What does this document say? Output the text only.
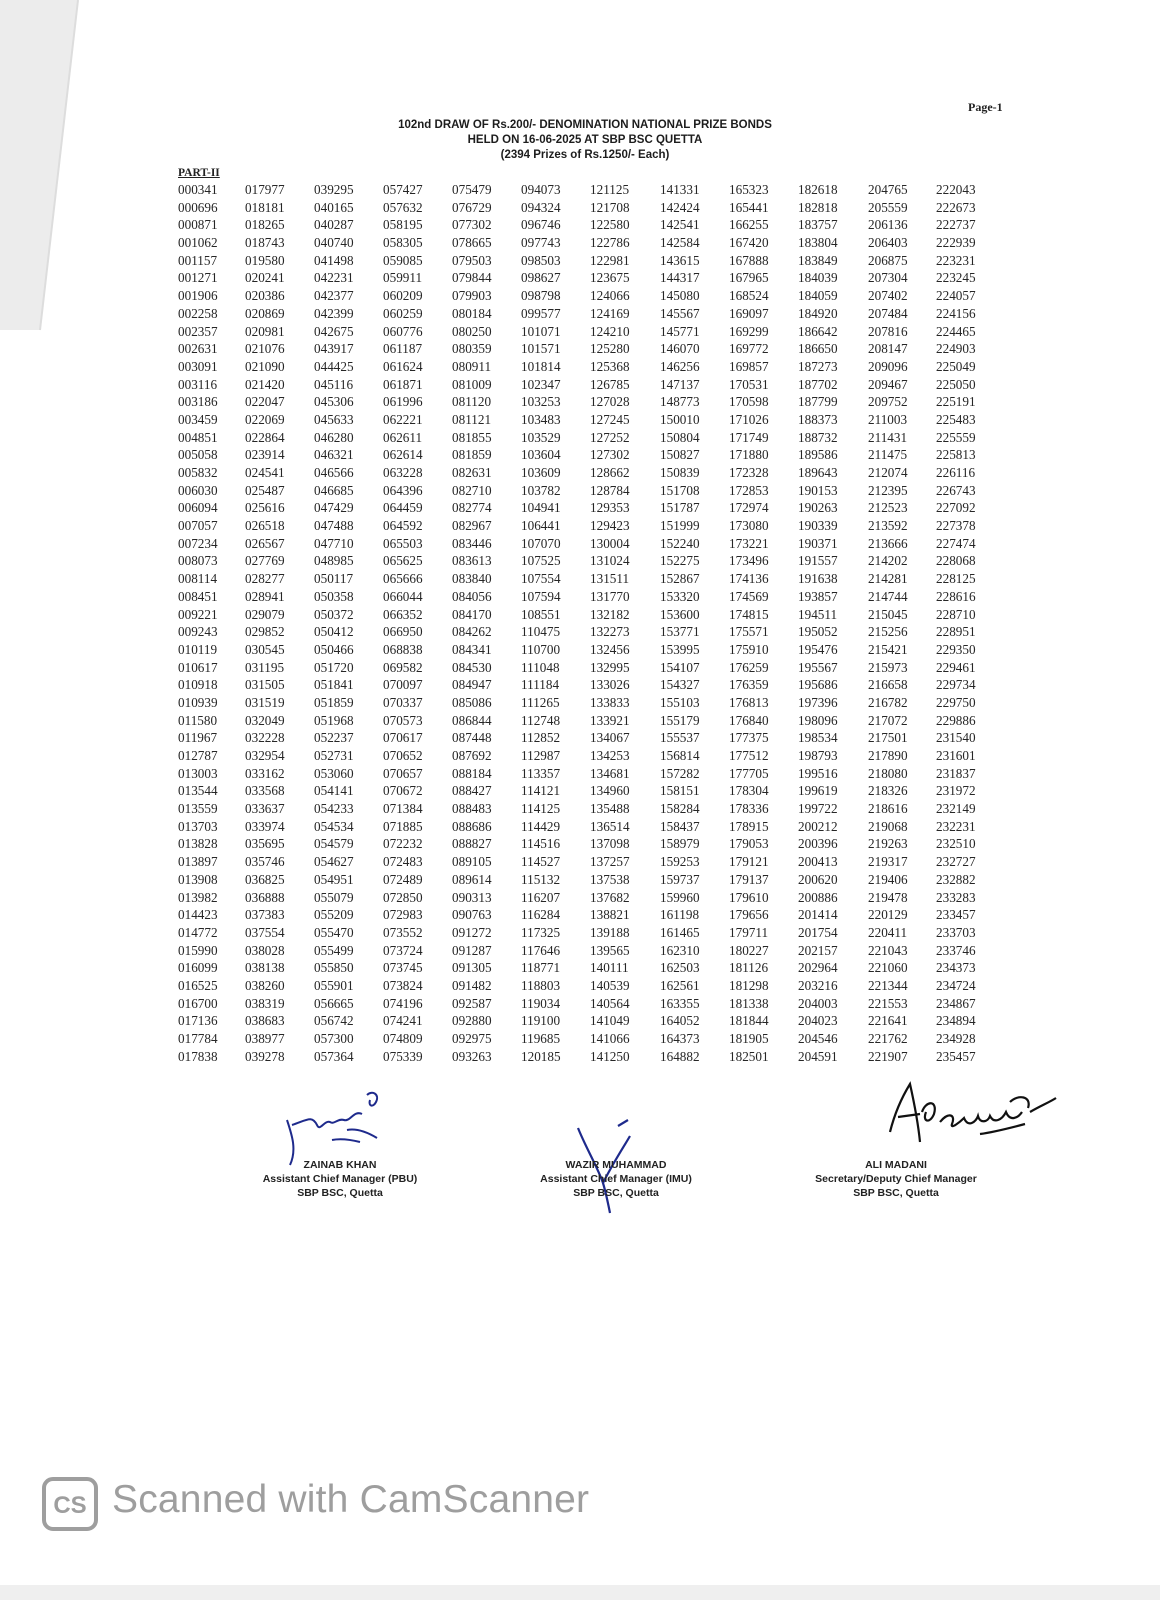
Page-1
102nd DRAW OF Rs.200/- DENOMINATION NATIONAL PRIZE BONDS
HELD ON 16-06-2025 AT SBP BSC QUETTA
(2394 Prizes of Rs.1250/- Each)
PART-II
000341
000696
000871
001062
001157
001271
001906
002258
002357
002631
003091
003116
003186
003459
004851
005058
005832
006030
006094
007057
007234
008073
008114
008451
009221
009243
010119
010617
010918
010939
011580
011967
012787
013003
013544
013559
013703
013828
013897
013908
013982
014423
014772
015990
016099
016525
016700
017136
017784
017838
017977
018181
018265
018743
019580
020241
020386
020869
020981
021076
021090
021420
022047
022069
022864
023914
024541
025487
025616
026518
026567
027769
028277
028941
029079
029852
030545
031195
031505
031519
032049
032228
032954
033162
033568
033637
033974
035695
035746
036825
036888
037383
037554
038028
038138
038260
038319
038683
038977
039278
039295
040165
040287
040740
041498
042231
042377
042399
042675
043917
044425
045116
045306
045633
046280
046321
046566
046685
047429
047488
047710
048985
050117
050358
050372
050412
050466
051720
051841
051859
051968
052237
052731
053060
054141
054233
054534
054579
054627
054951
055079
055209
055470
055499
055850
055901
056665
056742
057300
057364
057427
057632
058195
058305
059085
059911
060209
060259
060776
061187
061624
061871
061996
062221
062611
062614
063228
064396
064459
064592
065503
065625
065666
066044
066352
066950
068838
069582
070097
070337
070573
070617
070652
070657
070672
071384
071885
072232
072483
072489
072850
072983
073552
073724
073745
073824
074196
074241
074809
075339
075479
076729
077302
078665
079503
079844
079903
080184
080250
080359
080911
081009
081120
081121
081855
081859
082631
082710
082774
082967
083446
083613
083840
084056
084170
084262
084341
084530
084947
085086
086844
087448
087692
088184
088427
088483
088686
088827
089105
089614
090313
090763
091272
091287
091305
091482
092587
092880
092975
093263
094073
094324
096746
097743
098503
098627
098798
099577
101071
101571
101814
102347
103253
103483
103529
103604
103609
103782
104941
106441
107070
107525
107554
107594
108551
110475
110700
111048
111184
111265
112748
112852
112987
113357
114121
114125
114429
114516
114527
115132
116207
116284
117325
117646
118771
118803
119034
119100
119685
120185
121125
121708
122580
122786
122981
123675
124066
124169
124210
125280
125368
126785
127028
127245
127252
127302
128662
128784
129353
129423
130004
131024
131511
131770
132182
132273
132456
132995
133026
133833
133921
134067
134253
134681
134960
135488
136514
137098
137257
137538
137682
138821
139188
139565
140111
140539
140564
141049
141066
141250
141331
142424
142541
142584
143615
144317
145080
145567
145771
146070
146256
147137
148773
150010
150804
150827
150839
151708
151787
151999
152240
152275
152867
153320
153600
153771
153995
154107
154327
155103
155179
155537
156814
157282
158151
158284
158437
158979
159253
159737
159960
161198
161465
162310
162503
162561
163355
164052
164373
164882
165323
165441
166255
167420
167888
167965
168524
169097
169299
169772
169857
170531
170598
171026
171749
171880
172328
172853
172974
173080
173221
173496
174136
174569
174815
175571
175910
176259
176359
176813
176840
177375
177512
177705
178304
178336
178915
179053
179121
179137
179610
179656
179711
180227
181126
181298
181338
181844
181905
182501
182618
182818
183757
183804
183849
184039
184059
184920
186642
186650
187273
187702
187799
188373
188732
189586
189643
190153
190263
190339
190371
191557
191638
193857
194511
195052
195476
195567
195686
197396
198096
198534
198793
199516
199619
199722
200212
200396
200413
200620
200886
201414
201754
202157
202964
203216
204003
204023
204546
204591
204765
205559
206136
206403
206875
207304
207402
207484
207816
208147
209096
209467
209752
211003
211431
211475
212074
212395
212523
213592
213666
214202
214281
214744
215045
215256
215421
215973
216658
216782
217072
217501
217890
218080
218326
218616
219068
219263
219317
219406
219478
220129
220411
221043
221060
221344
221553
221641
221762
221907
222043
222673
222737
222939
223231
223245
224057
224156
224465
224903
225049
225050
225191
225483
225559
225813
226116
226743
227092
227378
227474
228068
228125
228616
228710
228951
229350
229461
229734
229750
229886
231540
231601
231837
231972
232149
232231
232510
232727
232882
233283
233457
233703
233746
234373
234724
234867
234894
234928
235457
ZAINAB KHAN
Assistant Chief Manager (PBU)
SBP BSC, Quetta
WAZIR MUHAMMAD
Assistant Chief Manager (IMU)
SBP BSC, Quetta
ALI MADANI
Secretary/Deputy Chief Manager
SBP BSC, Quetta
CS Scanned with CamScanner
